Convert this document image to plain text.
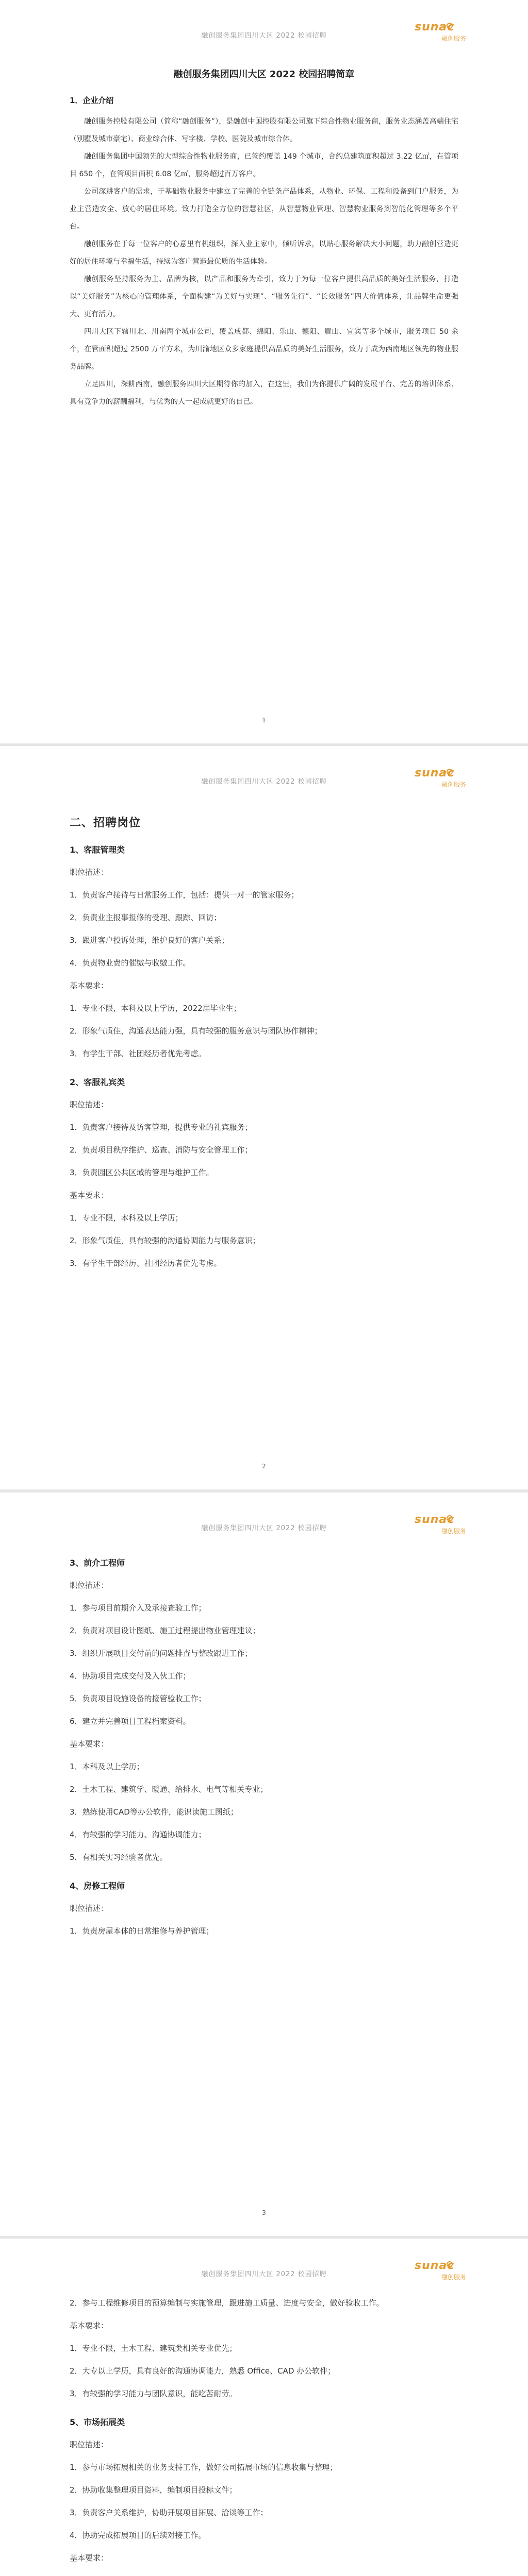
融创服务集团四川大区 2022 校园招聘
sunac
融创服务
融创服务集团四川大区 2022 校园招聘简章
1．企业介绍

融创服务控股有限公司（简称“融创服务”），是融创中国控股有限公司旗下综合性物业服务商，服务业态涵盖高端住宅（别墅及城市豪宅）、商业综合体、写字楼、学校、医院及城市综合体。

融创服务集团中国领先的大型综合性物业服务商，已签约覆盖 149 个城市，合约总建筑面积超过 3.22 亿㎡，在管项目 650 个，在管项目面积 6.08 亿㎡，服务超过百万客户。

公司深耕客户的需求，于基础物业服务中建立了完善的全链条产品体系，从物业、环保、工程和设备到门户服务，为业主营造安全、放心的居住环境。致力打造全方位的智慧社区，从智慧物业管理、智慧物业服务到智能化管理等多个平台。

融创服务在于每一位客户的心意里有机组织，深入业主家中，倾听诉求，以贴心服务解决大小问题，助力融创营造更好的居住环境与幸福生活，持续为客户营造最优质的生活体验。

融创服务坚持服务为主、品牌为核，以产品和服务为牵引，致力于为每一位客户提供高品质的美好生活服务，打造以“美好服务”为核心的管理体系，全面构建“为美好与实现”、“服务先行”、“长效服务”四大价值体系，让品牌生命更强大、更有活力。

四川大区下辖川北、川南两个城市公司，覆盖成都、绵阳、乐山、德阳、眉山、宜宾等多个城市，服务项目 50 余个，在管面积超过 2500 万平方米，为川渝地区众多家庭提供高品质的美好生活服务，致力于成为西南地区领先的物业服务品牌。

立足四川，深耕西南，融创服务四川大区期待你的加入，在这里，我们为你提供广阔的发展平台、完善的培训体系、具有竞争力的薪酬福利，与优秀的人一起成就更好的自己。

1
融创服务集团四川大区 2022 校园招聘
sunac
融创服务
二、招聘岗位
1、客服管理类
职位描述：
1．负责客户接待与日常服务工作，包括：提供一对一的管家服务；
2．负责业主报事报修的受理、跟踪、回访；
3．跟进客户投诉处理，维护良好的客户关系；
4．负责物业费的催缴与收缴工作。
基本要求：
1．专业不限，本科及以上学历，2022届毕业生；
2．形象气质佳，沟通表达能力强，具有较强的服务意识与团队协作精神；
3．有学生干部、社团经历者优先考虑。
2、客服礼宾类
职位描述：
1．负责客户接待及访客管理，提供专业的礼宾服务；
2．负责项目秩序维护、巡查、消防与安全管理工作；
3．负责园区公共区域的管理与维护工作。
基本要求：
1．专业不限，本科及以上学历；
2．形象气质佳，具有较强的沟通协调能力与服务意识；
3．有学生干部经历、社团经历者优先考虑。
2
融创服务集团四川大区 2022 校园招聘
sunac
融创服务
3、前介工程师
职位描述：
1．参与项目前期介入及承接查验工作；
2．负责对项目设计图纸、施工过程提出物业管理建议；
3．组织开展项目交付前的问题排查与整改跟进工作；
4．协助项目完成交付及入伙工作；
5．负责项目设施设备的接管验收工作；
6．建立并完善项目工程档案资料。
基本要求：
1．本科及以上学历；
2．土木工程、建筑学、暖通、给排水、电气等相关专业；
3．熟练使用CAD等办公软件，能识读施工图纸；
4．有较强的学习能力、沟通协调能力；
5．有相关实习经验者优先。
4、房修工程师
职位描述：
1．负责房屋本体的日常维修与养护管理；
3
融创服务集团四川大区 2022 校园招聘
sunac
融创服务
2．参与工程维修项目的预算编制与实施管理，跟进施工质量、进度与安全，做好验收工作。
基本要求：
1．专业不限，土木工程、建筑类相关专业优先；
2．大专以上学历，具有良好的沟通协调能力，熟悉 Office、CAD 办公软件；
3．有较强的学习能力与团队意识，能吃苦耐劳。
5、市场拓展类
职位描述：
1．参与市场拓展相关的业务支持工作，做好公司拓展市场的信息收集与整理；
2．协助收集整理项目资料，编制项目投标文件；
3．负责客户关系维护，协助开展项目拓展、洽谈等工作；
4．协助完成拓展项目的后续对接工作。
基本要求：
